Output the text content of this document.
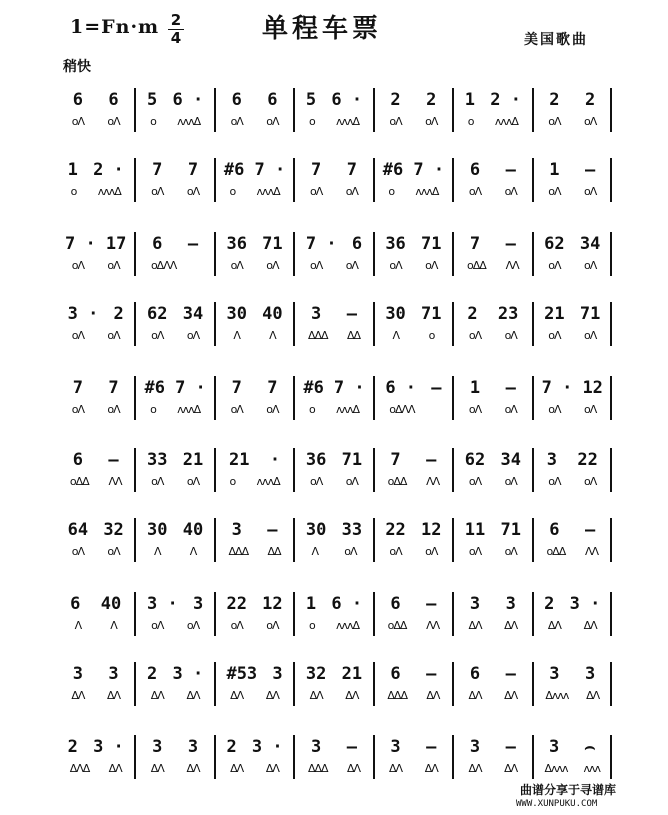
$1=Fn\cdot m \frac{2}{4}$	单程车票	美国歌曲
稍快
6 6
oΛ oΛ
5 6 ·
o ʌʌʌΔ
6 6
oΛ oΛ
5 6 ·
o ʌʌʌΔ
2 2
oΛ oΛ
1 2 ·
o ʌʌʌΔ
2 2
oΛ oΛ
1 2 ·
o ʌʌʌΔ
7 7
oΛ oΛ
#6 7 ·
o ʌʌʌΔ
7 7
oΛ oΛ
#6 7 ·
o ʌʌʌΔ
6 —
oΛ oΛ
1 —
oΛ oΛ
7 · 17
oΛ oΛ
6 —
oΔΛΛ
36 71
oΛ oΛ
7 · 6
oΛ oΛ
36 71
oΛ oΛ
7 —
oΔΔ ΛΛ
62 34
oΛ oΛ
3 · 2
oΛ oΛ
62 34
oΛ oΛ
30 40
Λ	Λ
3 —
ΔΔΔ ΔΔ
30 71
Λ	o
2 23
oΛ oΛ
21 71
oΛ oΛ
7 7
oΛ oΛ
#6 7 ·
o ʌʌʌΔ
7 7
oΛ oΛ
#6 7 ·
o ʌʌʌΔ
6 · —
oΔΛΛ
1 —
oΛ oΛ
7 · 12
oΛ oΛ
6 —
oΔΔ ΛΛ
33 21
oΛ oΛ
21 ·
o ʌʌʌΔ
36 71
oΛ oΛ
7 —
oΔΔ ΛΛ
62 34
oΛ oΛ
3 22
oΛ oΛ
64 32
oΛ oΛ
30 40
Λ	Λ
3 —
ΔΔΔ ΔΔ
30 33
Λ oΛ
22 12
oΛ oΛ
11 71
oΛ oΛ
6 —
oΔΔ ΛΛ
6 40
Λ	Λ
3 · 3
oΛ oΛ
22 12
oΛ oΛ
1 6 ·
o ʌʌʌΔ
6 —
oΔΔ ΛΛ
3 3
ΔΛ ΔΛ
2 3 ·
ΔΛ ΔΛ
3 3
ΔΛ ΔΛ
2 3 ·
ΔΛ ΔΛ
#53 3
ΔΛ ΔΛ
32 21
ΔΛ ΔΛ
6 —
ΔΔΔ ΔΛ
6 —
ΔΛ ΔΛ
3 3
Δʌʌʌ ΔΛ
2 3 ·
ΔΛΔ ΔΛ
3 3
ΔΛ ΔΛ
2 3 ·
ΔΛ ΔΛ
3 —
ΔΔΔ ΔΛ
3 —
ΔΛ ΔΛ
3 —
ΔΛ ΔΛ
3 ⌢
Δʌʌʌ ʌʌʌ
曲谱分享于寻谱库
WWW.XUNPUKU.COM
